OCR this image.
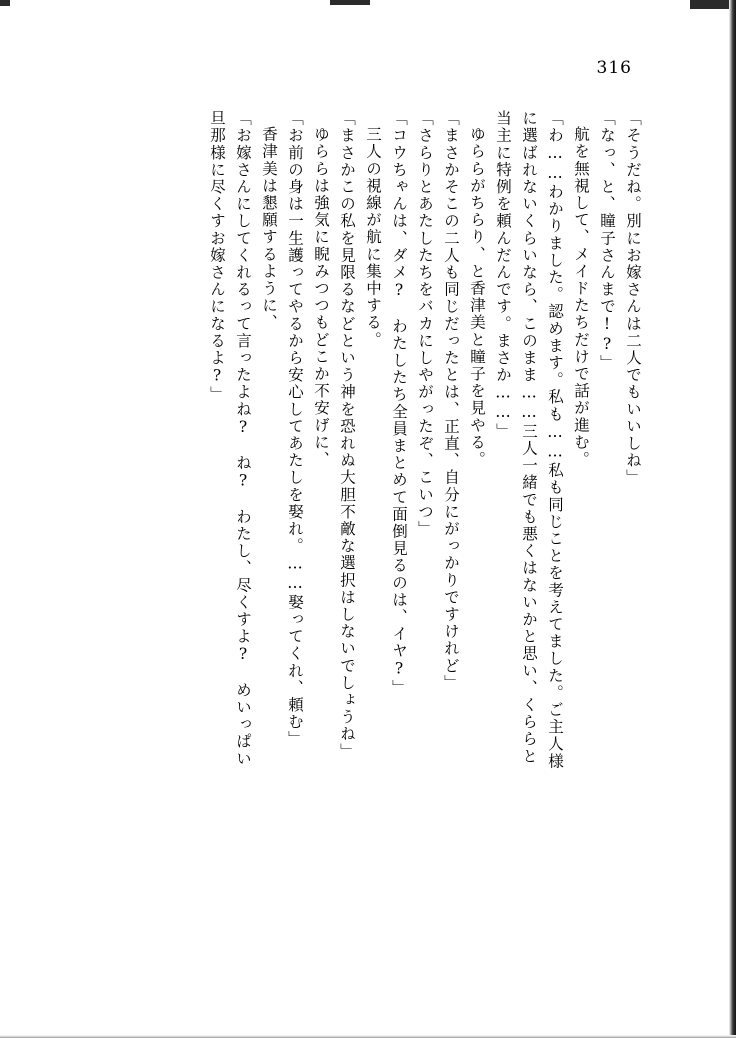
316
「そうだね。別にお嫁さんは二人でもいいしね」
「なっ、と、瞳子さんまで!?」
航を無視して、メイドたちだけで話が進む。
「わ……わかりました。認めます。私も……私も同じことを考えてました。ご主人様
に選ばれないくらいなら、このまま……三人一緒でも悪くはないかと思い、くららと
当主に特例を頼んだんです。まさか……」
ゆららがちらり、と香津美と瞳子を見やる。
「まさかそこの二人も同じだったとは、正直、自分にがっかりですけれど」
「さらりとあたしたちをバカにしやがったぞ、こいつ」
「コウちゃんは、ダメ?　わたしたち全員まとめて面倒見るのは、イヤ?」
三人の視線が航に集中する。
「まさかこの私を見限るなどという神を恐れぬ大胆不敵な選択はしないでしょうね」
ゆららは強気に睨みつつもどこか不安げに、
「お前の身は一生護ってやるから安心してあたしを娶れ。……娶ってくれ、頼む」
香津美は懇願するように、
「お嫁さんにしてくれるって言ったよね?　ね?　わたし、尽くすよ?　めいっぱい
旦那様に尽くすお嫁さんになるよ?」
